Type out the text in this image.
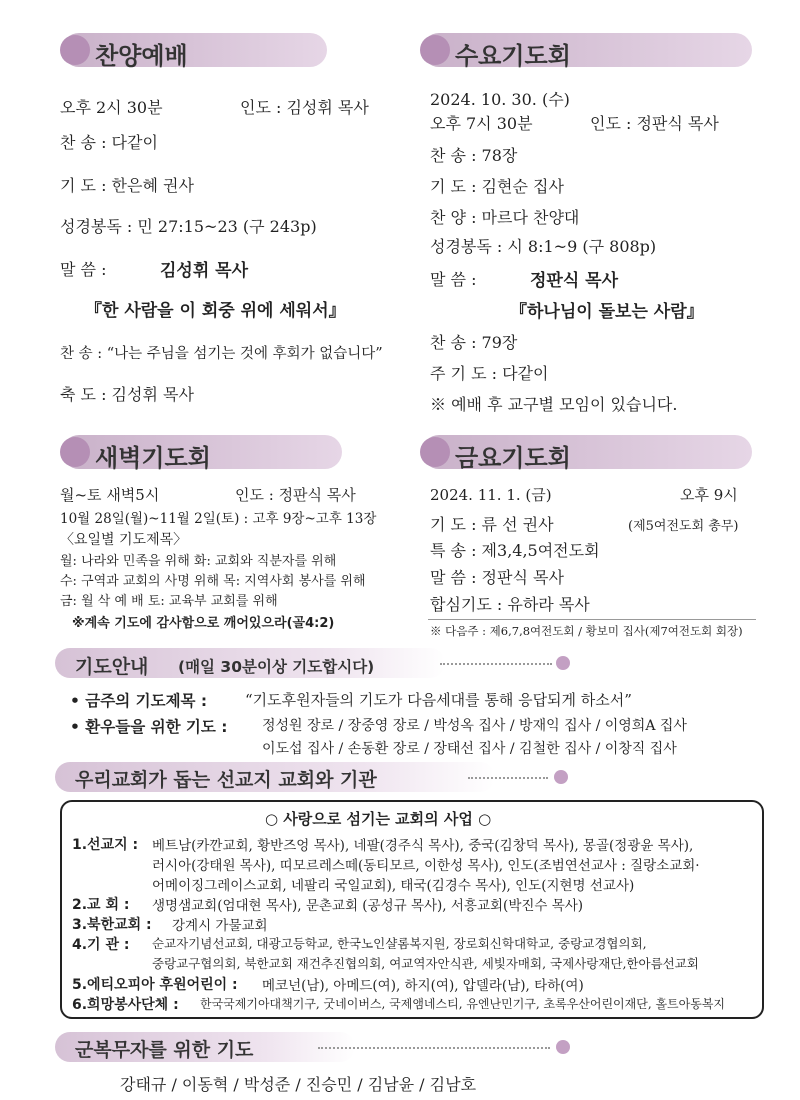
찬양예배
오후 2시 30분	인도 : 김성휘 목사
찬 송 : 다같이
기 도 : 한은혜 권사
성경봉독 : 민 27:15~23 (구 243p)
말 씀 :	김성휘 목사
『한 사람을 이 회중 위에 세워서』
찬 송 : “나는 주님을 섬기는 것에 후회가 없습니다”
축 도 : 김성휘 목사
수요기도회
2024. 10. 30. (수)
오후 7시 30분	인도 : 정판식 목사
찬 송 : 78장
기 도 : 김현순 집사
찬 양 : 마르다 찬양대
성경봉독 : 시 8:1~9 (구 808p)
말 씀 :	정판식 목사
『하나님이 돌보는 사람』
찬 송 : 79장
주 기 도 : 다같이
※ 예배 후 교구별 모임이 있습니다.
새벽기도회
월~토 새벽5시	인도 : 정판식 목사
10월 28일(월)~11월 2일(토) : 고후 9장~고후 13장
〈요일별 기도제목〉
월: 나라와 민족을 위해 화: 교회와 직분자를 위해
수: 구역과 교회의 사명 위해 목: 지역사회 봉사를 위해
금: 월 삭 예 배 토: 교육부 교회를 위해
※계속 기도에 감사함으로 깨어있으라(골4:2)
금요기도회
2024. 11. 1. (금)	오후 9시
기 도 : 류 선 권사	(제5여전도회 총무)
특 송 : 제3,4,5여전도회
말 씀 : 정판식 목사
합심기도 : 유하라 목사
※ 다음주 : 제6,7,8여전도회 / 황보미 집사(제7여전도회 회장)
기도안내 (매일 30분이상 기도합시다)
• 금주의 기도제목 :	“기도후원자들의 기도가 다음세대를 통해 응답되게 하소서”
• 환우들을 위한 기도 : 정성원 장로 / 장중영 장로 / 박성옥 집사 / 방재익 집사 / 이영희A 집사
이도섭 집사 / 손동환 장로 / 장태선 집사 / 김철한 집사 / 이창직 집사
우리교회가 돕는 선교지 교회와 기관
○ 사랑으로 섬기는 교회의 사업 ○
1.선교지 : 베트남(카깐교회, 황반즈엉 목사), 네팔(경주식 목사), 중국(김창덕 목사), 몽골(정광윤 목사),
러시아(강태원 목사), 띠모르레스떼(동티모르, 이한성 목사), 인도(조범연선교사 : 질랑소교회·
어메이징그레이스교회, 네팔리 국일교회), 태국(김경수 목사), 인도(지현명 선교사)
2.교 회 : 생명샘교회(엄대현 목사), 문촌교회 (공성규 목사), 서흥교회(박진수 목사)
3.북한교회 : 강계시 가물교회
4.기 관 : 순교자기념선교회, 대광고등학교, 한국노인샬롬복지원, 장로회신학대학교, 중랑교경협의회,
중랑교구협의회, 북한교회 재건추진협의회, 여교역자안식관, 세빛자매회, 국제사랑재단,한아름선교회
5.에티오피아 후원어린이 : 메코넌(남), 아메드(여), 하지(여), 압델라(남), 타하(여)
6.희망봉사단체 : 한국국제기아대책기구, 굿네이버스, 국제앰네스티, 유엔난민기구, 초록우산어린이재단, 홀트아동복지
군복무자를 위한 기도
강태규 / 이동혁 / 박성준 / 진승민 / 김남윤 / 김남호
